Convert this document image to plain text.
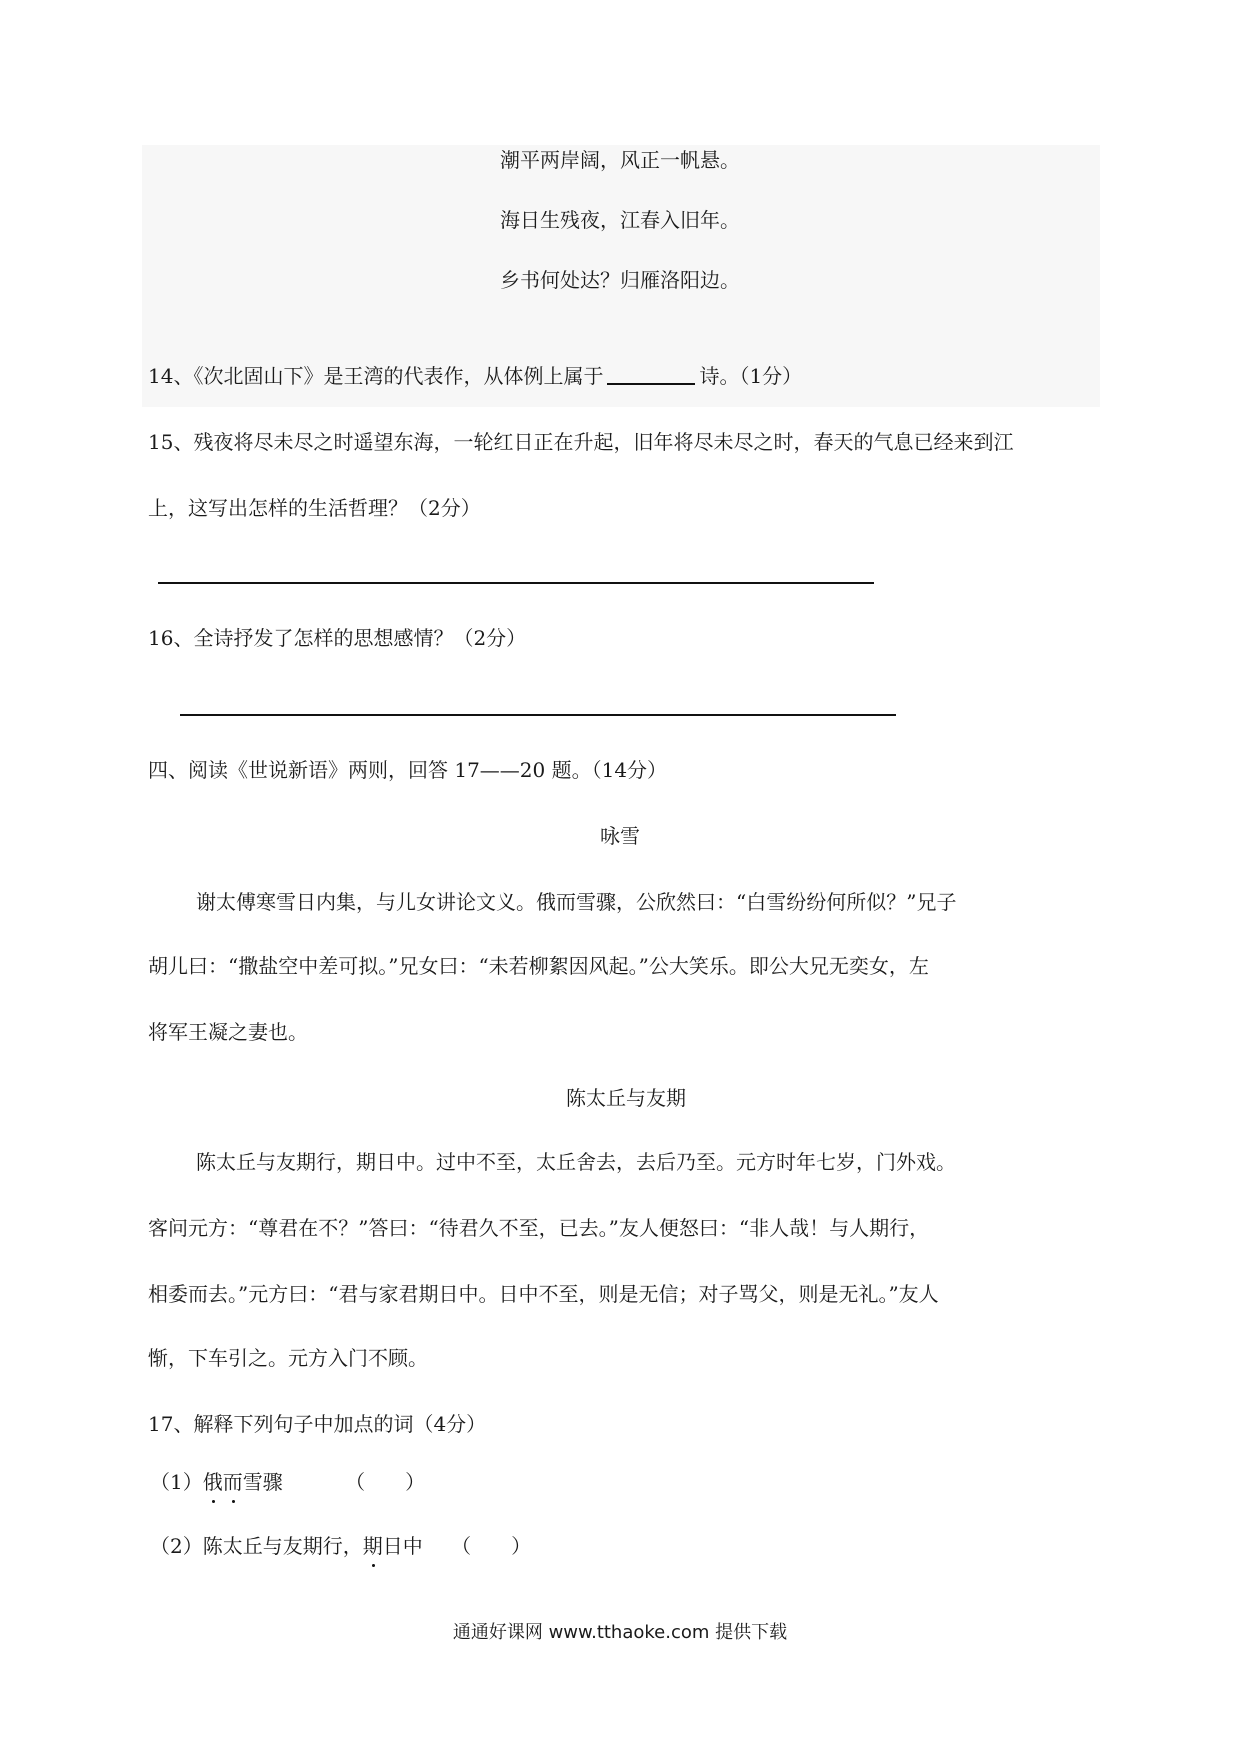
潮平两岸阔，风正一帆悬。
海日生残夜，江春入旧年。
乡书何处达？归雁洛阳边。
14、《次北固山下》是王湾的代表作，从体例上属于	诗。（1分）
15、残夜将尽未尽之时遥望东海，一轮红日正在升起，旧年将尽未尽之时，春天的气息已经来到江
上，这写出怎样的生活哲理？（2分）
16、全诗抒发了怎样的思想感情？（2分）
四、阅读《世说新语》两则，回答 17——20 题。（14分）
咏雪
谢太傅寒雪日内集，与儿女讲论文义。俄而雪骤，公欣然曰：“白雪纷纷何所似？”兄子
胡儿曰：“撒盐空中差可拟。”兄女曰：“未若柳絮因风起。”公大笑乐。即公大兄无奕女，左
将军王凝之妻也。
陈太丘与友期
陈太丘与友期行，期日中。过中不至，太丘舍去，去后乃至。元方时年七岁，门外戏。
客问元方：“尊君在不？”答曰：“待君久不至，已去。”友人便怒曰：“非人哉！与人期行，
相委而去。”元方曰：“君与家君期日中。日中不至，则是无信；对子骂父，则是无礼。”友人
惭，下车引之。元方入门不顾。
17、解释下列句子中加点的词（4分）
（1）俄而雪骤	（　　）
（2）陈太丘与友期行，期日中 （　　）
通通好课网 www.tthaoke.com 提供下载
